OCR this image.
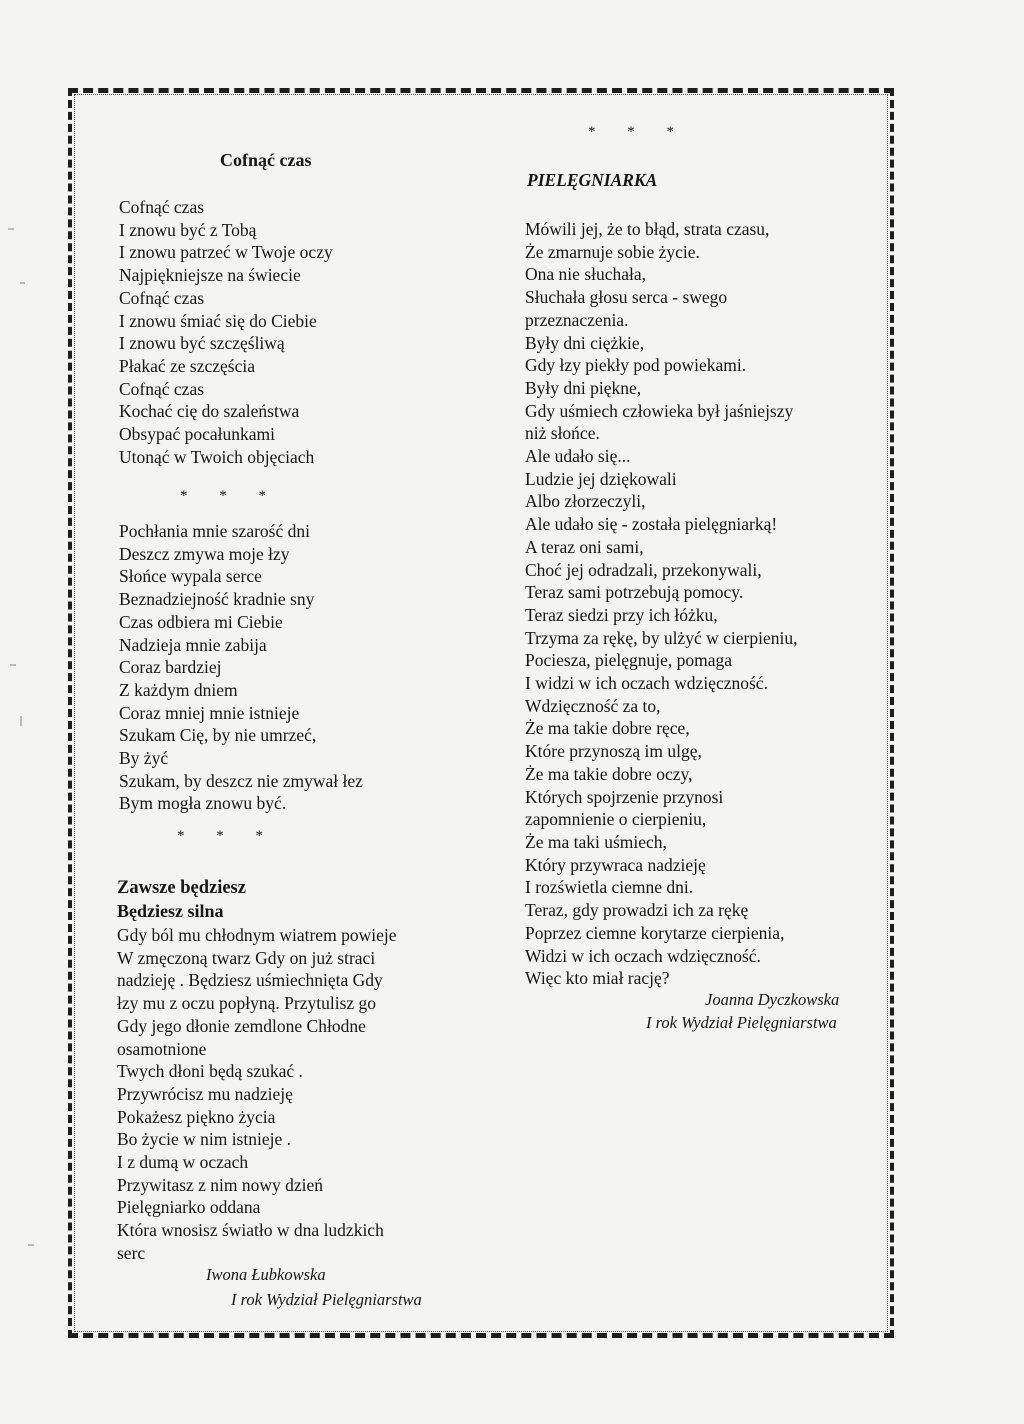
Cofnąć czas
Cofnąć czas
I znowu być z Tobą
I znowu patrzeć w Twoje oczy
Najpiękniejsze na świecie
Cofnąć czas
I znowu śmiać się do Ciebie
I znowu być szczęśliwą
Płakać ze szczęścia
Cofnąć czas
Kochać cię do szaleństwa
Obsypać pocałunkami
Utonąć w Twoich objęciach
* * *
Pochłania mnie szarość dni
Deszcz zmywa moje łzy
Słońce wypala serce
Beznadziejność kradnie sny
Czas odbiera mi Ciebie
Nadzieja mnie zabija
Coraz bardziej
Z każdym dniem
Coraz mniej mnie istnieje
Szukam Cię, by nie umrzeć,
By żyć
Szukam, by deszcz nie zmywał łez
Bym mogła znowu być.
* * *
Zawsze będziesz
Będziesz silna
Gdy ból mu chłodnym wiatrem powieje
W zmęczoną twarz Gdy on już straci
nadzieję . Będziesz uśmiechnięta Gdy
łzy mu z oczu popłyną. Przytulisz go
Gdy jego dłonie zemdlone Chłodne
osamotnione
Twych dłoni będą szukać .
Przywrócisz mu nadzieję
Pokażesz piękno życia
Bo życie w nim istnieje .
I z dumą w oczach
Przywitasz z nim nowy dzień
Pielęgniarko oddana
Która wnosisz światło w dna ludzkich
serc
Iwona Łubkowska
I rok Wydział Pielęgniarstwa
* * *
PIELĘGNIARKA
Mówili jej, że to błąd, strata czasu,
Że zmarnuje sobie życie.
Ona nie słuchała,
Słuchała głosu serca - swego
przeznaczenia.
Były dni ciężkie,
Gdy łzy piekły pod powiekami.
Były dni piękne,
Gdy uśmiech człowieka był jaśniejszy
niż słońce.
Ale udało się...
Ludzie jej dziękowali
Albo złorzeczyli,
Ale udało się - została pielęgniarką!
A teraz oni sami,
Choć jej odradzali, przekonywali,
Teraz sami potrzebują pomocy.
Teraz siedzi przy ich łóżku,
Trzyma za rękę, by ulżyć w cierpieniu,
Pociesza, pielęgnuje, pomaga
I widzi w ich oczach wdzięczność.
Wdzięczność za to,
Że ma takie dobre ręce,
Które przynoszą im ulgę,
Że ma takie dobre oczy,
Których spojrzenie przynosi
zapomnienie o cierpieniu,
Że ma taki uśmiech,
Który przywraca nadzieję
I rozświetla ciemne dni.
Teraz, gdy prowadzi ich za rękę
Poprzez ciemne korytarze cierpienia,
Widzi w ich oczach wdzięczność.
Więc kto miał rację?
Joanna Dyczkowska
I rok Wydział Pielęgniarstwa
